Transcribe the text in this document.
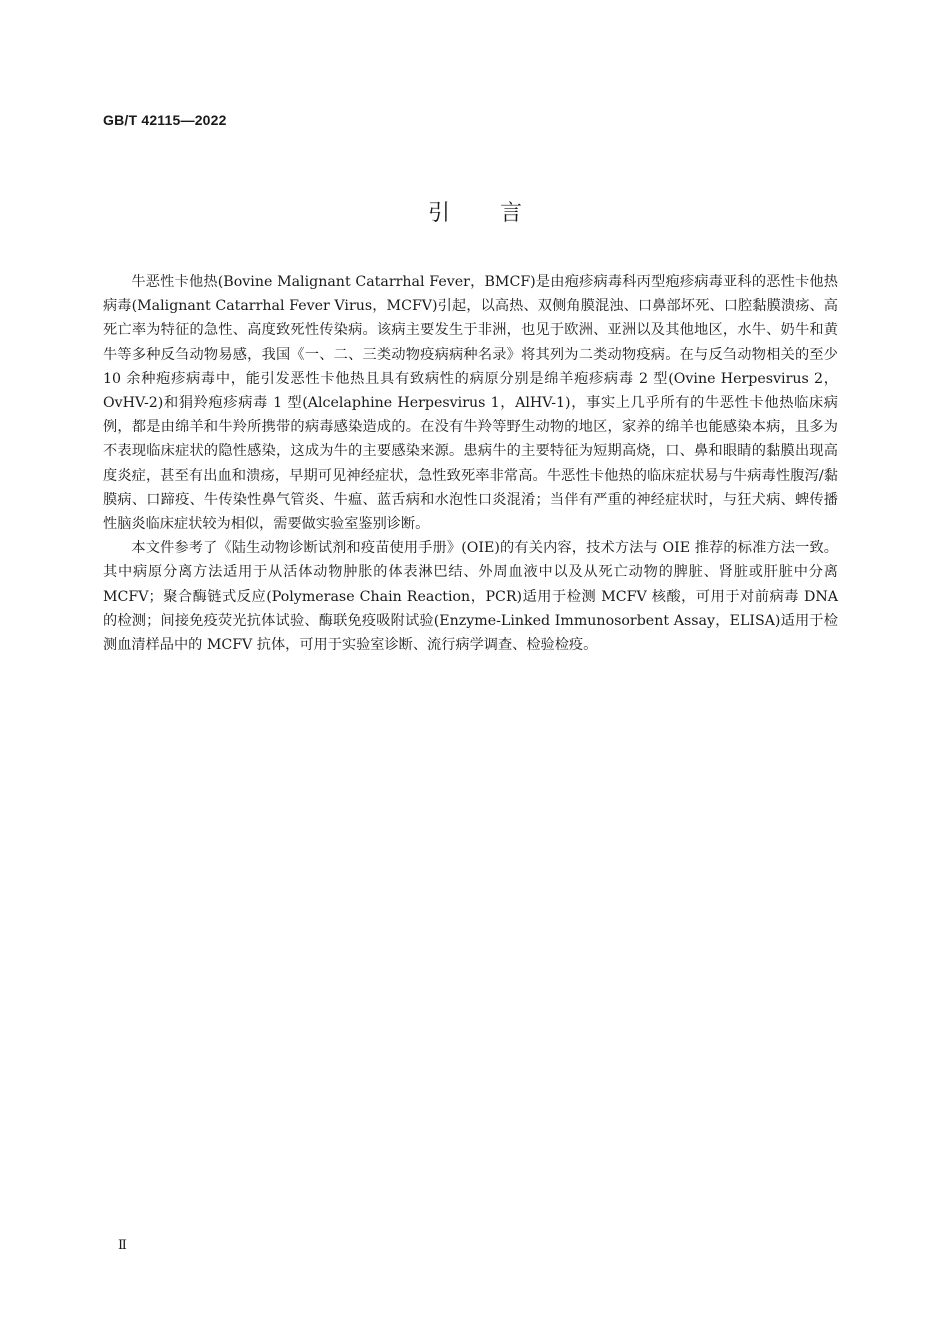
GB/T 42115—2022
引言

牛恶性卡他热(Bovine Malignant Catarrhal Fever，BMCF)是由疱疹病毒科丙型疱疹病毒亚科的恶性卡他热病毒(Malignant Catarrhal Fever Virus，MCFV)引起，以高热、双侧角膜混浊、口鼻部坏死、口腔黏膜溃疡、高死亡率为特征的急性、高度致死性传染病。该病主要发生于非洲，也见于欧洲、亚洲以及其他地区，水牛、奶牛和黄牛等多种反刍动物易感，我国《一、二、三类动物疫病病种名录》将其列为二类动物疫病。在与反刍动物相关的至少 10 余种疱疹病毒中，能引发恶性卡他热且具有致病性的病原分别是绵羊疱疹病毒 2 型(Ovine Herpesvirus 2，OvHV-2)和狷羚疱疹病毒 1 型(Alcelaphine Herpesvirus 1，AlHV-1)，事实上几乎所有的牛恶性卡他热临床病例，都是由绵羊和牛羚所携带的病毒感染造成的。在没有牛羚等野生动物的地区，家养的绵羊也能感染本病，且多为不表现临床症状的隐性感染，这成为牛的主要感染来源。患病牛的主要特征为短期高烧，口、鼻和眼睛的黏膜出现高度炎症，甚至有出血和溃疡，早期可见神经症状，急性致死率非常高。牛恶性卡他热的临床症状易与牛病毒性腹泻/黏膜病、口蹄疫、牛传染性鼻气管炎、牛瘟、蓝舌病和水泡性口炎混淆；当伴有严重的神经症状时，与狂犬病、蜱传播性脑炎临床症状较为相似，需要做实验室鉴别诊断。

本文件参考了《陆生动物诊断试剂和疫苗使用手册》(OIE)的有关内容，技术方法与 OIE 推荐的标准方法一致。其中病原分离方法适用于从活体动物肿胀的体表淋巴结、外周血液中以及从死亡动物的脾脏、肾脏或肝脏中分离 MCFV；聚合酶链式反应(Polymerase Chain Reaction，PCR)适用于检测 MCFV 核酸，可用于对前病毒 DNA 的检测；间接免疫荧光抗体试验、酶联免疫吸附试验(Enzyme-Linked Immunosorbent Assay，ELISA)适用于检测血清样品中的 MCFV 抗体，可用于实验室诊断、流行病学调查、检验检疫。

Ⅱ
